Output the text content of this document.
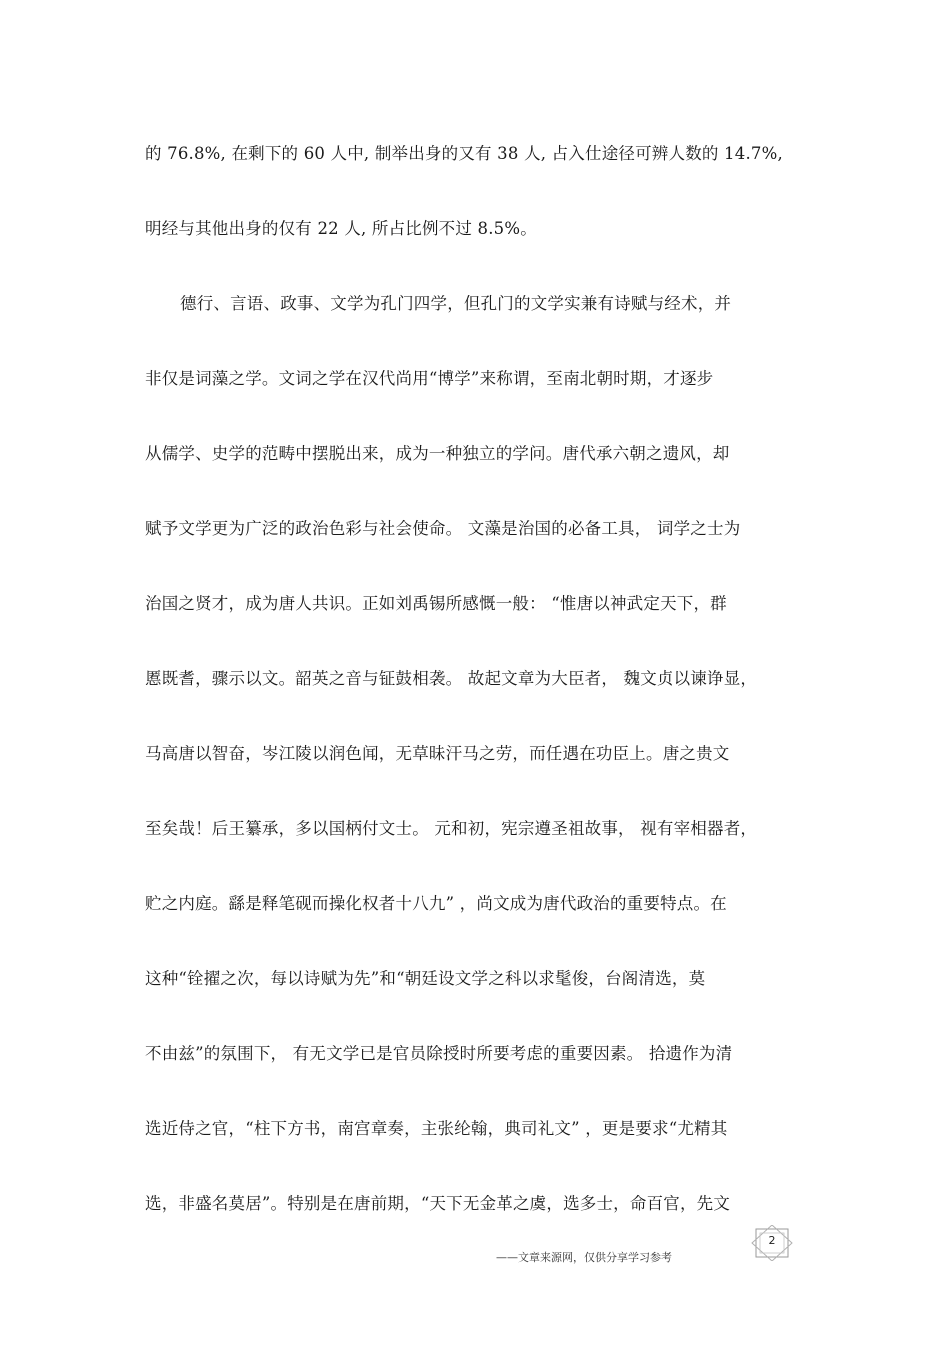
的 76.8%, 在剩下的 60 人中, 制举出身的又有 38 人, 占入仕途径可辨人数的 14.7%,
明经与其他出身的仅有 22 人, 所占比例不过 8.5%。
德行、言语、政事、文学为孔门四学，但孔门的文学实兼有诗赋与经术，并
非仅是词藻之学。文词之学在汉代尚用“博学”来称谓，至南北朝时期，才逐步
从儒学、史学的范畴中摆脱出来，成为一种独立的学问。唐代承六朝之遗风，却
赋予文学更为广泛的政治色彩与社会使命。 文藻是治国的必备工具， 词学之士为
治国之贤才，成为唐人共识。正如刘禹锡所感慨一般： “惟唐以神武定天下，群
慝既耆，骤示以文。韶英之音与钲鼓相袭。 故起文章为大臣者， 魏文贞以谏诤显，
马高唐以智奋，岑江陵以润色闻，无草昧汗马之劳，而任遇在功臣上。唐之贵文
至矣哉！后王纂承，多以国柄付文士。 元和初，宪宗遵圣祖故事， 视有宰相器者，
贮之内庭。繇是释笔砚而操化权者十八九” ，尚文成为唐代政治的重要特点。在
这种“铨擢之次，每以诗赋为先”和“朝廷设文学之科以求髦俊，台阁清选，莫
不由兹”的氛围下， 有无文学已是官员除授时所要考虑的重要因素。 拾遗作为清
选近侍之官，“柱下方书，南宫章奏，主张纶翰，典司礼文” ，更是要求“尤精其
选，非盛名莫居”。特别是在唐前期，“天下无金革之虞，选多士，命百官，先文
2
——文章来源网，仅供分享学习参考
